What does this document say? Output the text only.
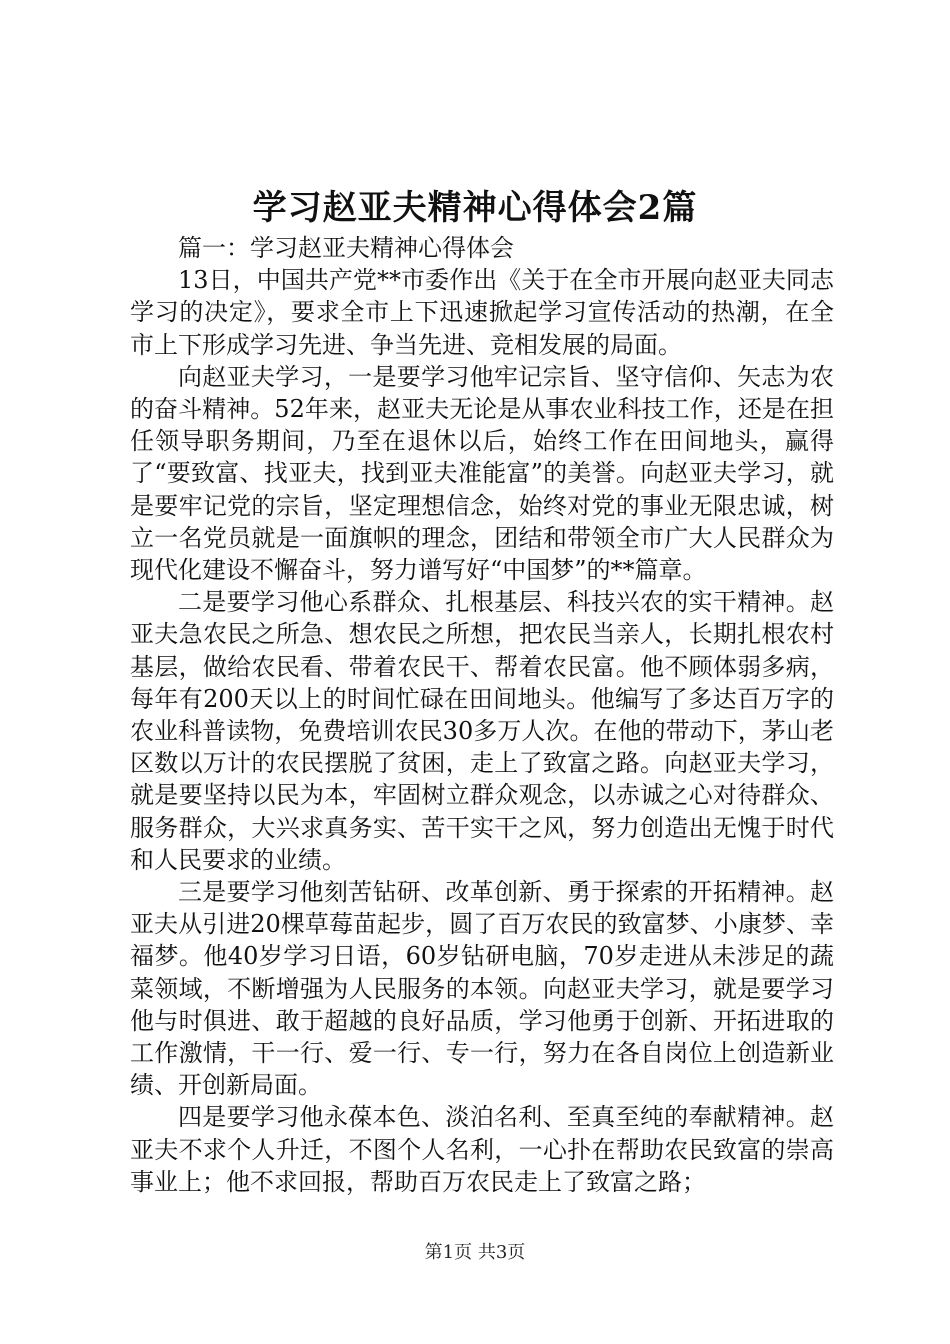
学习赵亚夫精神心得体会2篇

篇一：学习赵亚夫精神心得体会

13日，中国共产党**市委作出《关于在全市开展向赵亚夫同志学习的决定》，要求全市上下迅速掀起学习宣传活动的热潮，在全市上下形成学习先进、争当先进、竞相发展的局面。

向赵亚夫学习，一是要学习他牢记宗旨、坚守信仰、矢志为农的奋斗精神。52年来，赵亚夫无论是从事农业科技工作，还是在担任领导职务期间，乃至在退休以后，始终工作在田间地头，赢得了“要致富、找亚夫，找到亚夫准能富”的美誉。向赵亚夫学习，就是要牢记党的宗旨，坚定理想信念，始终对党的事业无限忠诚，树立一名党员就是一面旗帜的理念，团结和带领全市广大人民群众为现代化建设不懈奋斗，努力谱写好“中国梦”的**篇章。

二是要学习他心系群众、扎根基层、科技兴农的实干精神。赵亚夫急农民之所急、想农民之所想，把农民当亲人，长期扎根农村基层，做给农民看、带着农民干、帮着农民富。他不顾体弱多病，每年有200天以上的时间忙碌在田间地头。他编写了多达百万字的农业科普读物，免费培训农民30多万人次。在他的带动下，茅山老区数以万计的农民摆脱了贫困，走上了致富之路。向赵亚夫学习，就是要坚持以民为本，牢固树立群众观念，以赤诚之心对待群众、服务群众，大兴求真务实、苦干实干之风，努力创造出无愧于时代和人民要求的业绩。

三是要学习他刻苦钻研、改革创新、勇于探索的开拓精神。赵亚夫从引进20棵草莓苗起步，圆了百万农民的致富梦、小康梦、幸福梦。他40岁学习日语，60岁钻研电脑，70岁走进从未涉足的蔬菜领域，不断增强为人民服务的本领。向赵亚夫学习，就是要学习他与时俱进、敢于超越的良好品质，学习他勇于创新、开拓进取的工作激情，干一行、爱一行、专一行，努力在各自岗位上创造新业绩、开创新局面。

四是要学习他永葆本色、淡泊名利、至真至纯的奉献精神。赵亚夫不求个人升迁，不图个人名利，一心扑在帮助农民致富的崇高事业上；他不求回报，帮助百万农民走上了致富之路；

第1页 共3页
